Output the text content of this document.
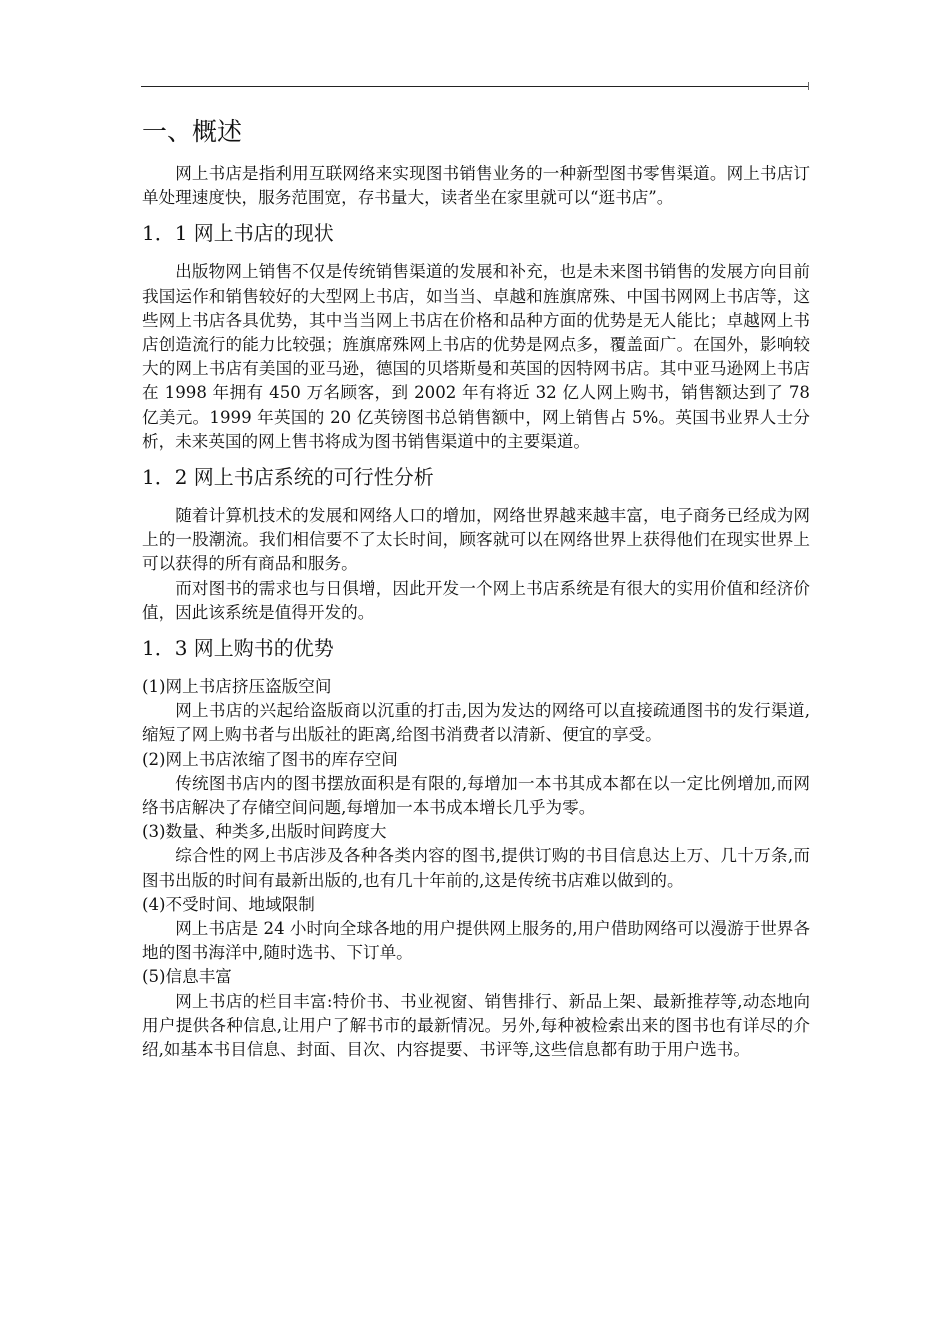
一、概述

网上书店是指利用互联网络来实现图书销售业务的一种新型图书零售渠道。网上书店订单处理速度快，服务范围宽，存书量大，读者坐在家里就可以“逛书店”。

1．1 网上书店的现状

出版物网上销售不仅是传统销售渠道的发展和补充，也是未来图书销售的发展方向目前我国运作和销售较好的大型网上书店，如当当、卓越和旌旗席殊、中国书网网上书店等，这些网上书店各具优势，其中当当网上书店在价格和品种方面的优势是无人能比；卓越网上书店创造流行的能力比较强；旌旗席殊网上书店的优势是网点多，覆盖面广。在国外，影响较大的网上书店有美国的亚马逊，德国的贝塔斯曼和英国的因特网书店。其中亚马逊网上书店在 1998 年拥有 450 万名顾客，到 2002 年有将近 32 亿人网上购书，销售额达到了 78 亿美元。1999 年英国的 20 亿英镑图书总销售额中，网上销售占 5%。英国书业界人士分析，未来英国的网上售书将成为图书销售渠道中的主要渠道。

1．2 网上书店系统的可行性分析

随着计算机技术的发展和网络人口的增加，网络世界越来越丰富，电子商务已经成为网上的一股潮流。我们相信要不了太长时间，顾客就可以在网络世界上获得他们在现实世界上可以获得的所有商品和服务。

而对图书的需求也与日俱增，因此开发一个网上书店系统是有很大的实用价值和经济价值，因此该系统是值得开发的。

1．3 网上购书的优势
(1)网上书店挤压盗版空间

网上书店的兴起给盗版商以沉重的打击,因为发达的网络可以直接疏通图书的发行渠道,缩短了网上购书者与出版社的距离,给图书消费者以清新、便宜的享受。

(2)网上书店浓缩了图书的库存空间

传统图书店内的图书摆放面积是有限的,每增加一本书其成本都在以一定比例增加,而网络书店解决了存储空间问题,每增加一本书成本增长几乎为零。

(3)数量、种类多,出版时间跨度大

综合性的网上书店涉及各种各类内容的图书,提供订购的书目信息达上万、几十万条,而图书出版的时间有最新出版的,也有几十年前的,这是传统书店难以做到的。

(4)不受时间、地域限制

网上书店是 24 小时向全球各地的用户提供网上服务的,用户借助网络可以漫游于世界各地的图书海洋中,随时选书、下订单。

(5)信息丰富

网上书店的栏目丰富:特价书、书业视窗、销售排行、新品上架、最新推荐等,动态地向用户提供各种信息,让用户了解书市的最新情况。另外,每种被检索出来的图书也有详尽的介绍,如基本书目信息、封面、目次、内容提要、书评等,这些信息都有助于用户选书。
